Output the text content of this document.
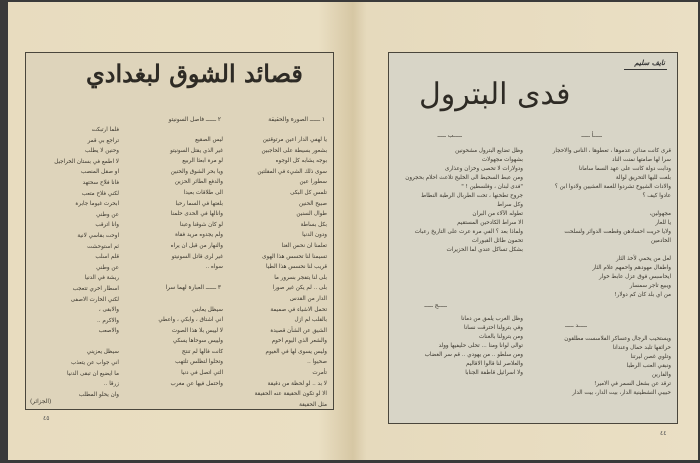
قصائد الشوق لبغدادي
١ ــــــ الصورة والحقيقة
٢ ــــــ فاصل السونيتو
يا لهفي الدار اعين مرتوقتين
بشعور بسيطة على الحاجبين
بوجه يشابه كل الوجوه
سوى ذلك الشيء في المقلتين
سطورا عين
تلمس كل البكى
صبيح الحنين
طوال السنين
بكل بساطة
ودون الدنيا
تعلمنا ان نحس الغنا
تسيمنا لنا تحسس هذا الهوى
قريب لنا نحسس هذا الطيا
بلى لنا يتفجر بسرور ما
بلى .. لم يكن غير صورا
الدار من القدس
تحمل الاشياء في صميمة
بالقلب لم ازل
الشيق عن الشأن قصيدة
والشعر الذي اليوم اخوم
وليس يسوى لها في الغيوم
صحيوا ..
تأمرت
لا بد .. لو لحظة من دقيقة
الا لو تكون الحقيقة عنه الحقيقة
مثل الحقيقة
ليس الصقيع
غير الذي يقتل السونيتو
لو مرة ابعثا الربيع
ويا بحر الشوق والحنين
والدفع الطائر الحزين
الى طلاقات بعيدا
بلغتها في السما رحبا
وانالها في الحدى حلمنا
لو كان شوقنا وعبنا
ولم يجدوه مريد فقاة
والنهار من قبل ان يراه
غير لرى قاتل السونيتو
سواه ..

سيظل يعابني
اني اشتاق ، وابكي ، واعطي
لا لييس بلا هذا الصوت
ولييس سوحاها يسكي
كانت فالها لم تنتج
وتحلوا لتظلس تلتهب
التي اتصل في دنيا
واحتمل فيها عن مغرب
٣ ــــــ العبارة لهما سرا
فلما ارتبكت
تراجع بي قمر
وحنين لا يطلب
لا اطمع في بستان الخراجيل
او صقل المنصب
فانا فلاح سحتهد
لكني فلاح متعب
ابحرت غيوما جابرة
عن وطني
وانا اترقب
اوحت بقاسي لانية
ثم استوحشت
قلم اسلب
عن وطني
ريشة في الدنيا
اسطار اخري تتعجب
لكني الخارت الاصفى
والابقى ،
والاكرم ..
والاصعب

سيظل يعزيني
اني جواب عن يتعذب
ما ايضيع ان تبقى الدنيا
زرقا ..
وان يحلو المطلب
(الجزائر)
٤٥
نايف سليم
فدى البترول
ـــــأ ـــــ
ـــــب ـــــ
قرى كانت مدائن عدموها ، تعطوها ، الناس والاحجار
سرا لها صامتها نمنت الناد
ودابت دولة كانت على عهد السما سامانا
بلغت لليها التحريق لوالة
والادات الشيوخ تشردوا للغمة الغشيين ولادوا ابن ؟
عادوا كيف ؟

مجهولين،
يا للعار
ولايا حريت احسادهن وقطعت الدوائر ولسلحت
الخادمين

لعل من يحمي لأخذ الثار
واطفال مهودهم واحمهم علام الثار
ايحاسبس فوق عزل عابط خوار
ويبيع تاجر سمسار
من اي بلد كان كم دولار!
وظل تضايع البترول مشحونين
بشهوات مجهولات
ودولارات لا تحصى وخزان وعذارى
ومن عبط السحيط الى الخليج تلاعث احلام بحجرون
"فدى لبنان ، وفلسطين ! "
جروح تطحنها ، تحت الطربال الرطبة النطاط
وكل سراط
تطوله الآلاء من البران
الا سراط الكادحين المستقيم
ولماذا بعد ؟ الفي مرة عرت على التاريخ رعبات
تحمون طائل القبورات
بشكل تساكل عندي لما الحزيرات
ـــــج ـــــ
ـــــد ـــــ
وظل الغرب يلمق من دمانا
وفي بترولنا احترقت نسانا
ومن بترولنا بالغنات
توالى لوانا ومنا ... تحلى حليفيها وولد
ومن سلطو .. من يهودي .. قم سر الغضاب
والعلاصر لنا قالوا الاقاليم
ولا اسرائيل قاطفة الجنابا
ويستحيب الرجال وعساكر الفلاسست مطلقون
حرائقها تلبد حمال وعندانا
وتلوي غصن ليرتنا
ونبقي العنب الرطبا
والفارين
ترقد عن بشغل السمر في الامير!
حبيبي النشطينية الدار، بيت الدار، بيت الدار
٤٤
